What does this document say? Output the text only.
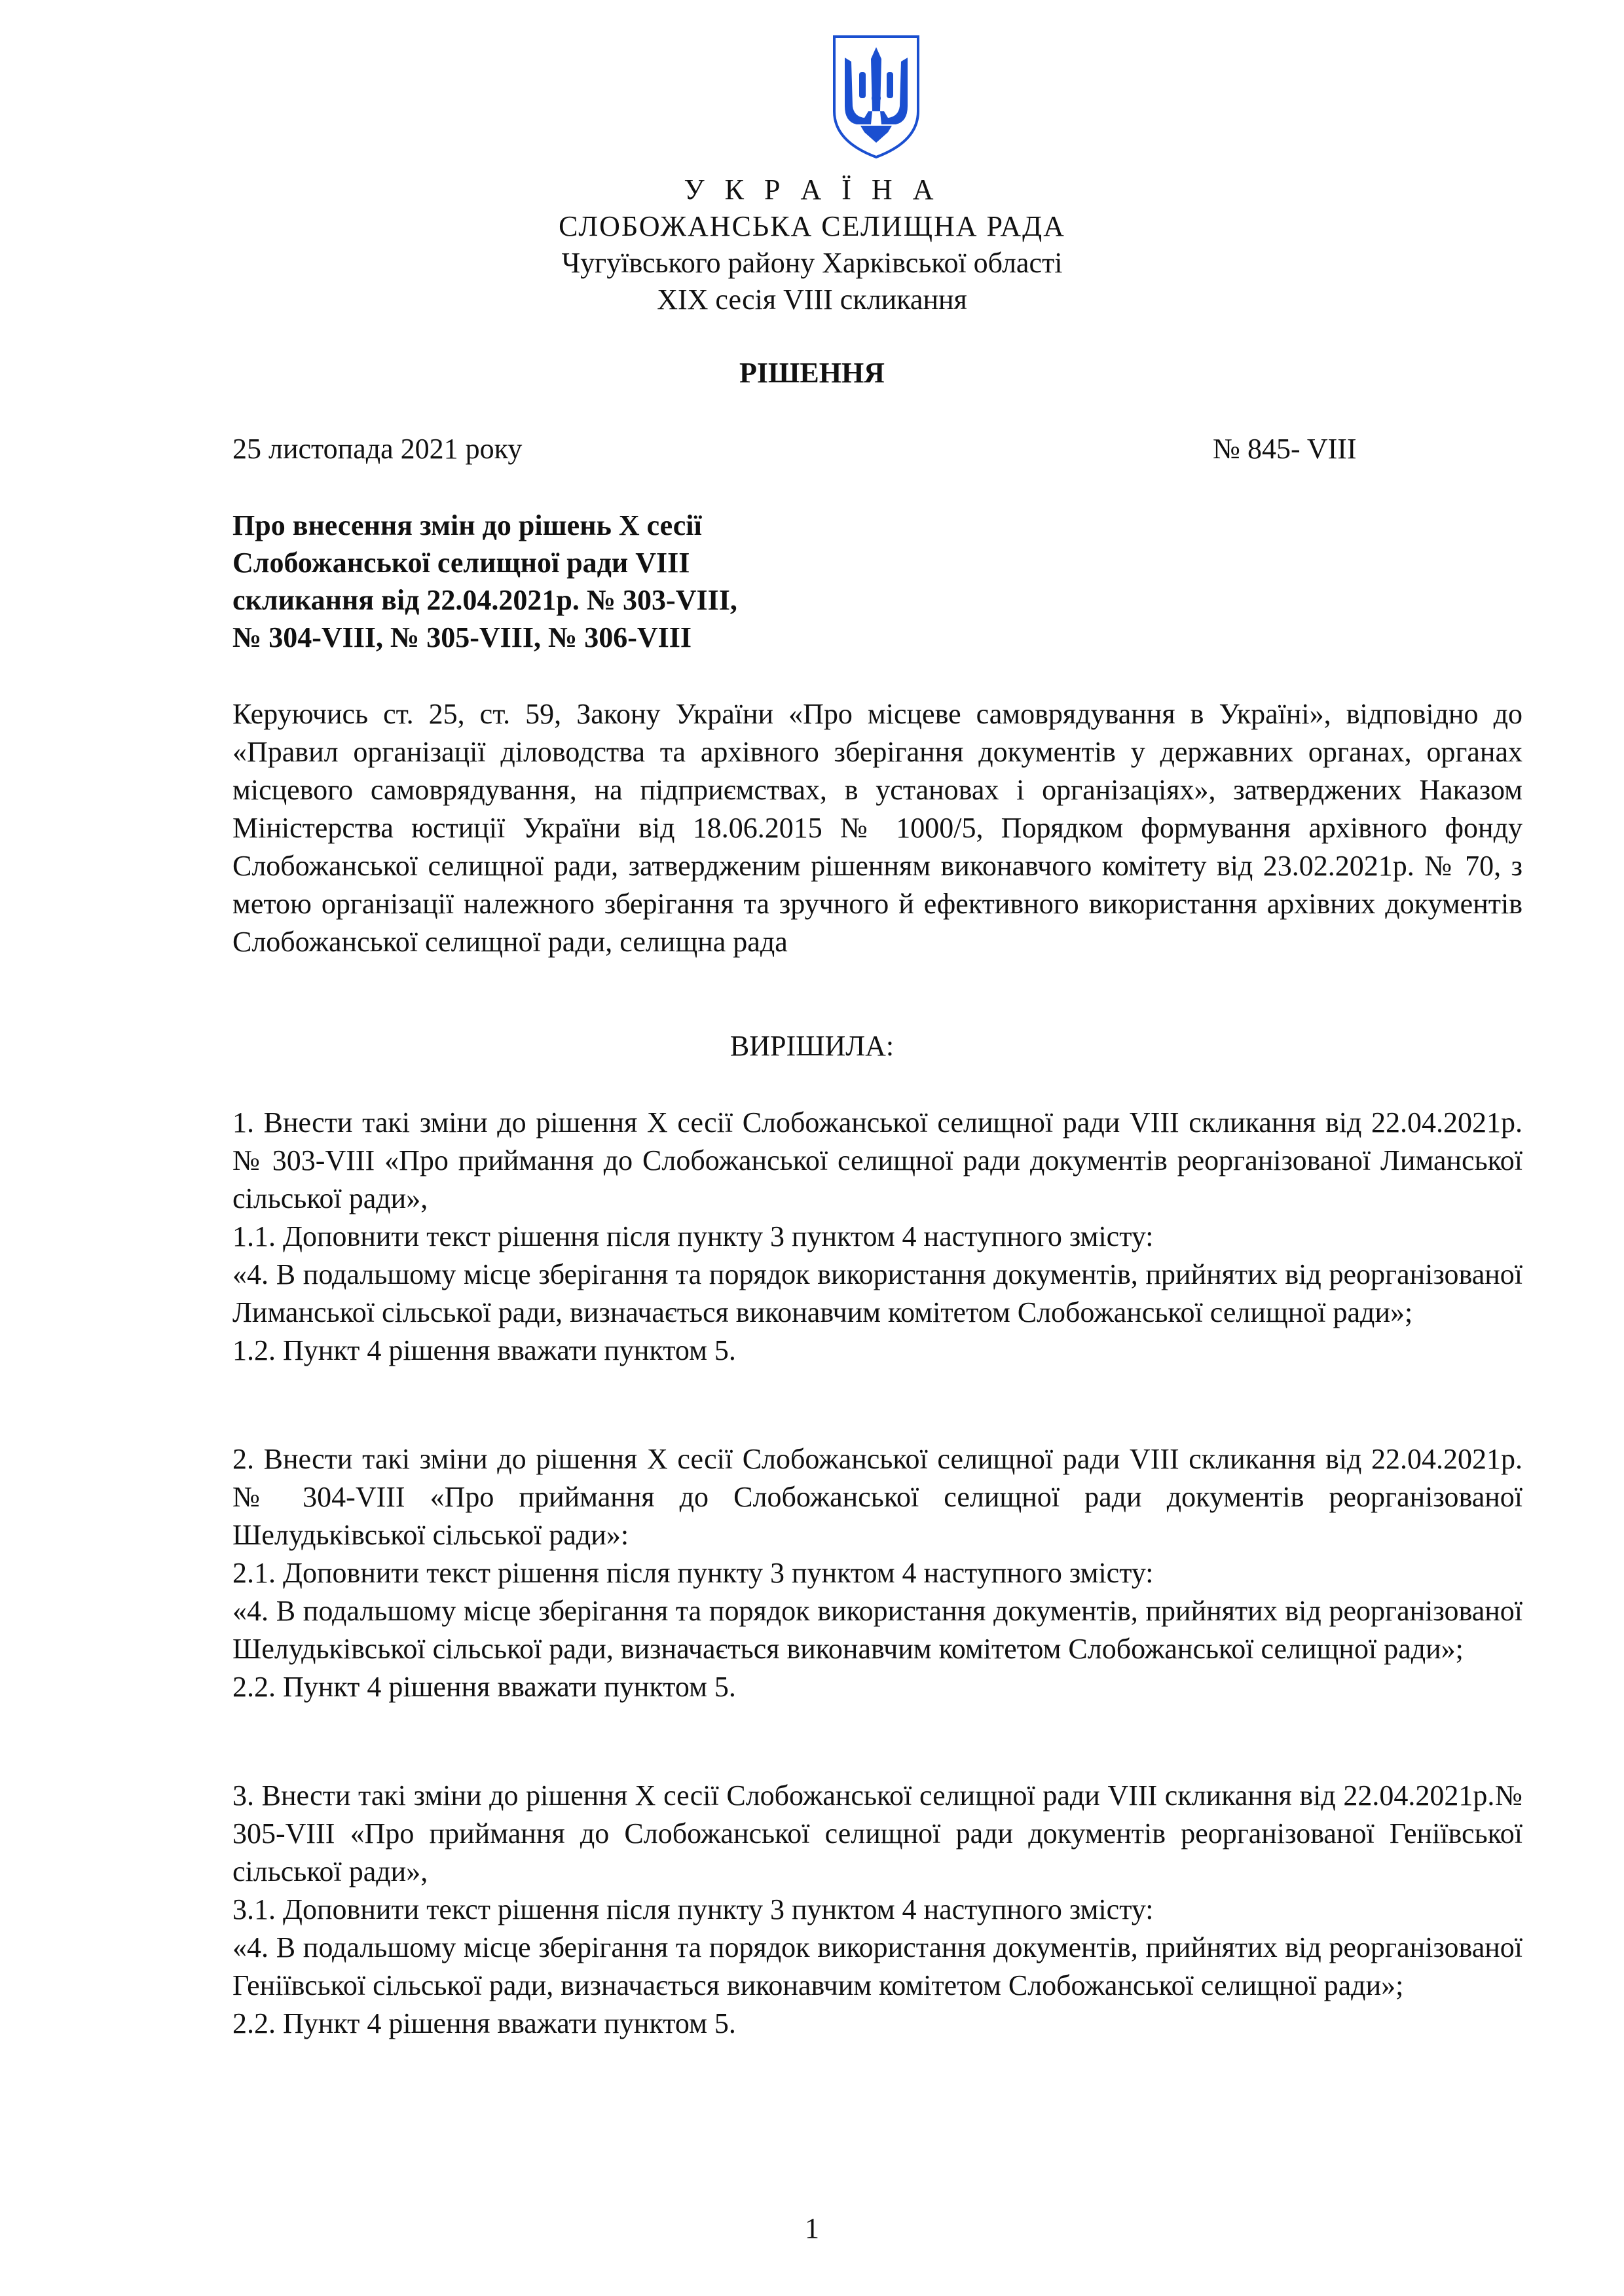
У К Р А Ї Н А
СЛОБОЖАНСЬКА СЕЛИЩНА РАДА
Чугуївського району Харківської області
XIX сесія VIII скликання
РІШЕННЯ
25 листопада 2021 року	№ 845- VIII
Про внесення змін до рішень Х сесії
Слобожанської селищної ради VIII
скликання від 22.04.2021р. № 303-VIII,
№ 304-VIII, № 305-VIII, № 306-VIII
Керуючись ст. 25, ст. 59, Закону України «Про місцеве самоврядування в Україні», відповідно до «Правил організації діловодства та архівного зберігання документів у державних органах, органах місцевого самоврядування, на підприємствах, в установах і організаціях», затверджених Наказом Міністерства юстиції України від 18.06.2015 № 1000/5, Порядком формування архівного фонду Слобожанської селищної ради, затвердженим рішенням виконавчого комітету від 23.02.2021р. № 70, з метою організації належного зберігання та зручного й ефективного використання архівних документів Слобожанської селищної ради, селищна рада
ВИРІШИЛА:

1. Внести такі зміни до рішення Х сесії Слобожанської селищної ради VIII скликання від 22.04.2021р. № 303-VIII «Про приймання до Слобожанської селищної ради документів реорганізованої Лиманської сільської ради»,

1.1. Доповнити текст рішення після пункту 3 пунктом 4 наступного змісту:

«4. В подальшому місце зберігання та порядок використання документів, прийнятих від реорганізованої Лиманської сільської ради, визначається виконавчим комітетом Слобожанської селищної ради»;

1.2. Пункт 4 рішення вважати пунктом 5.

2. Внести такі зміни до рішення Х сесії Слобожанської селищної ради VIII скликання від 22.04.2021р. № 304-VIII «Про приймання до Слобожанської селищної ради документів реорганізованої Шелудьківської сільської ради»:

2.1. Доповнити текст рішення після пункту 3 пунктом 4 наступного змісту:

«4. В подальшому місце зберігання та порядок використання документів, прийнятих від реорганізованої Шелудьківської сільської ради, визначається виконавчим комітетом Слобожанської селищної ради»;

2.2. Пункт 4 рішення вважати пунктом 5.

3. Внести такі зміни до рішення Х сесії Слобожанської селищної ради VIII скликання від 22.04.2021р.№ 305-VIII «Про приймання до Слобожанської селищної ради документів реорганізованої Геніївської сільської ради»,

3.1. Доповнити текст рішення після пункту 3 пунктом 4 наступного змісту:

«4. В подальшому місце зберігання та порядок використання документів, прийнятих від реорганізованої Геніївської сільської ради, визначається виконавчим комітетом Слобожанської селищної ради»;

2.2. Пункт 4 рішення вважати пунктом 5.

1
